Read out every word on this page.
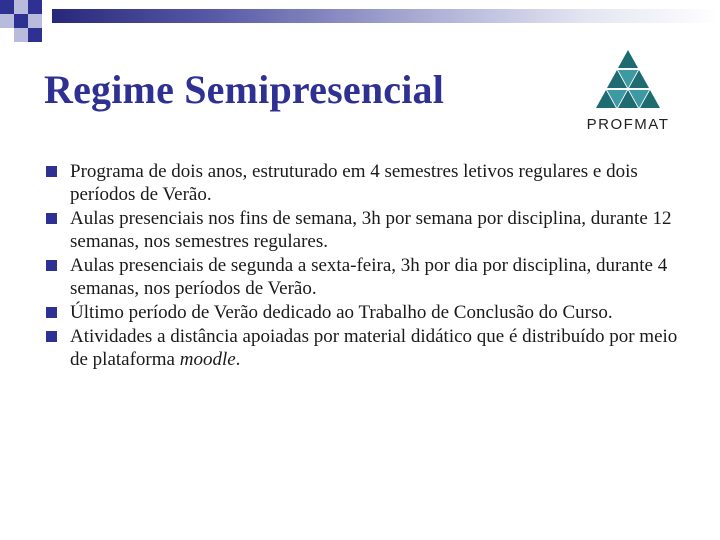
Regime Semipresencial
PROFMAT
Programa de dois anos, estruturado em 4 semestres letivos regulares e dois períodos de Verão.
Aulas presenciais nos fins de semana, 3h por semana por disciplina, durante 12 semanas, nos semestres regulares.
Aulas presenciais de segunda a sexta-feira, 3h por dia por disciplina, durante 4 semanas, nos períodos de Verão.
Último período de Verão dedicado ao Trabalho de Conclusão do Curso.
Atividades a distância apoiadas por material didático que é distribuído por meio de plataforma moodle.
